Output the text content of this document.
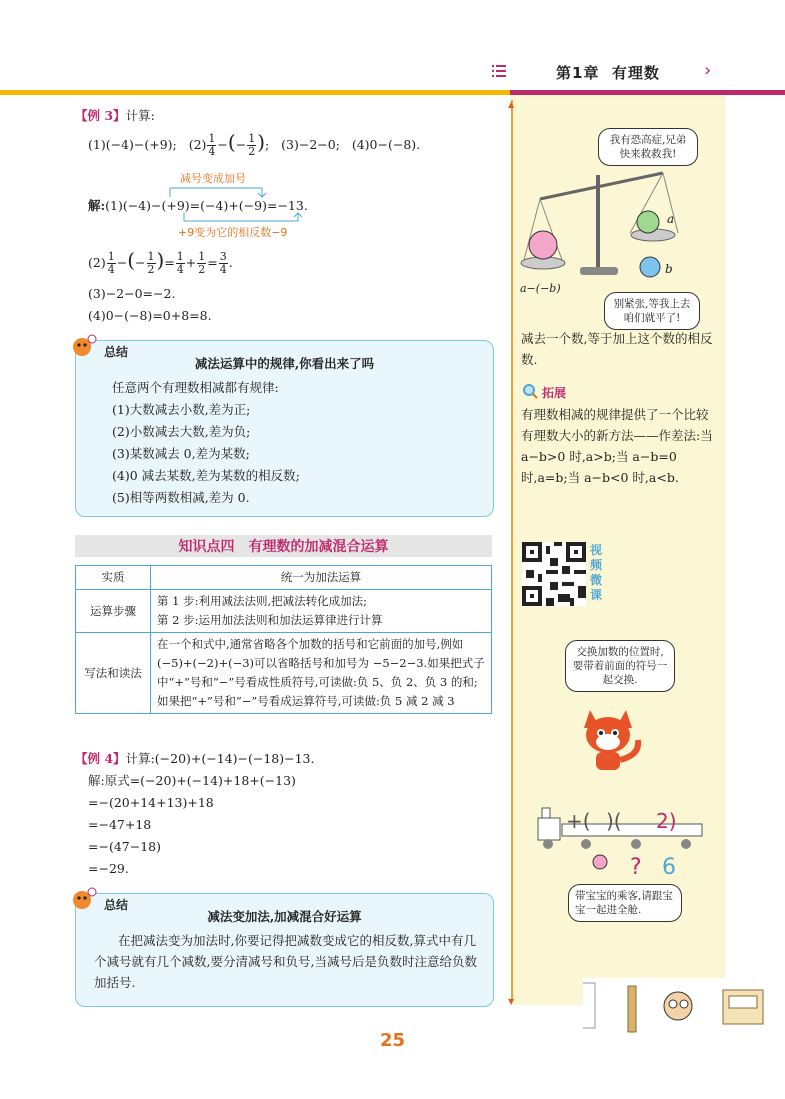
第1章 有理数 ›
▲
▼
【例 3】计算:
(1)(−4)−(+9); $(2) \frac{1}{4}$ −(− $\frac{1}{2}$ ); (3)−2−0; (4)0−(−8).
减号变成加号
解:(1)(−4)−(+9)=(−4)+(−9)=−13.
+9变为它的相反数−9
$(2) \frac{1}{4}$ −(− $\frac{1}{2}$ )= $\frac{1}{4} + \frac{1}{2} = \frac{3}{4}$ .
(3)−2−0=−2.
(4)0−(−8)=0+8=8.
总结
减法运算中的规律,你看出来了吗
任意两个有理数相减都有规律:
(1)大数减去小数,差为正;
(2)小数减去大数,差为负;
(3)某数减去 0,差为某数;
(4)0 减去某数,差为某数的相反数;
(5)相等两数相减,差为 0.
知识点四　有理数的加减混合运算
实质	统一为加法运算
运算步骤	第 1 步:利用减法法则,把减法转化成加法;
第 2 步:运用加法法则和加法运算律进行计算

写法和读法	在一个和式中,通常省略各个加数的括号和它前面的加号,例如(−5)+(−2)+(−3)可以省略括号和加号为 −5−2−3.如果把式子中“+”号和“−”号看成性质符号,可读做:负 5、负 2、负 3 的和;如果把“+”号和“−”号看成运算符号,可读做:负 5 减 2 减 3
【例 4】计算:(−20)+(−14)−(−18)−13.
解:原式=(−20)+(−14)+18+(−13)
=−(20+14+13)+18
=−47+18
=−(47−18)
=−29.
总结
减法变加法,加减混合好运算
在把减法变为加法时,你要记得把减数变成它的相反数,算式中有几个减号就有几个减数,要分清减号和负号,当减号后是负数时注意给负数加括号.
我有恐高症,兄弟快来救救我!
a
b
a−(−b)
别紧张,等我上去咱们就平了!
减去一个数,等于加上这个数的相反数.
拓展
有理数相减的规律提供了一个比较有理数大小的新方法——作差法:当 a−b>0 时,a>b;当 a−b=0 时,a=b;当 a−b<0 时,a<b.
视频微课
交换加数的位置时,要带着前面的符号一起交换.
+( )( 2)
? 6
带宝宝的乘客,请跟宝宝一起进全舱.
25
